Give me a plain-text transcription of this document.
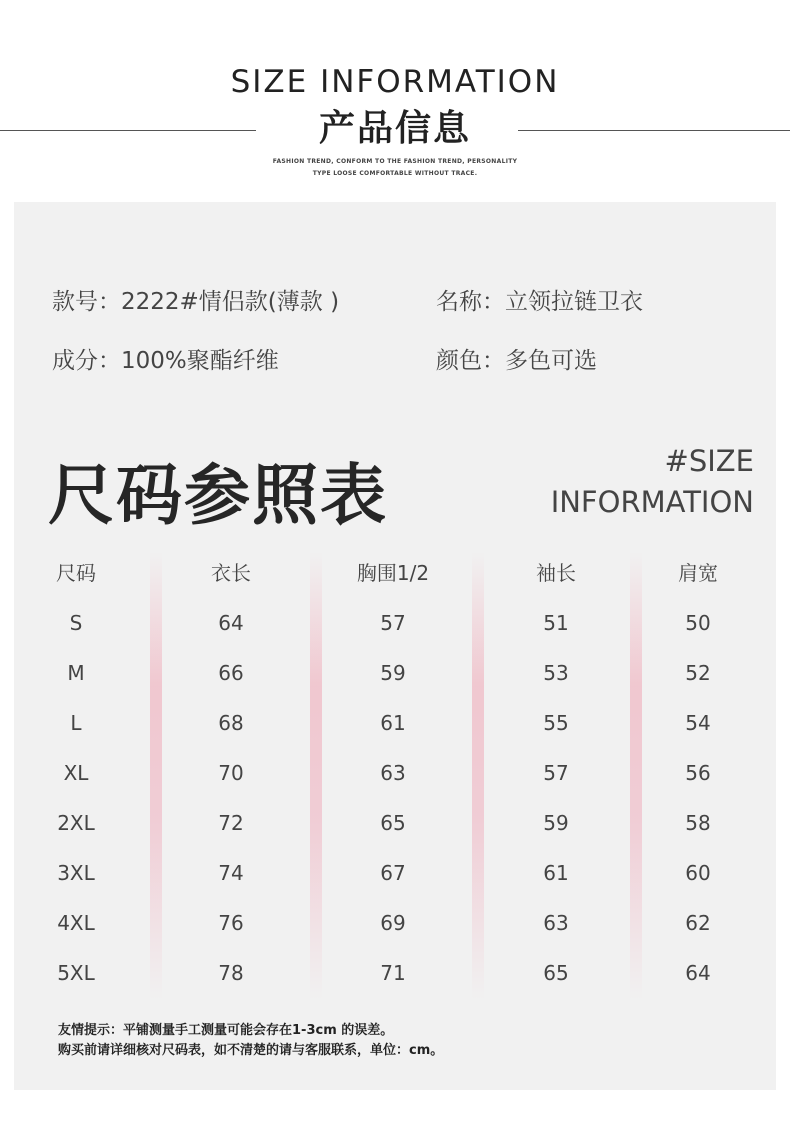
SIZE INFORMATION
产品信息
FASHION TREND, CONFORM TO THE FASHION TREND, PERSONALITY
TYPE LOOSE COMFORTABLE WITHOUT TRACE.
款号：2222#情侣款(薄款 )	名称：立领拉链卫衣
成分：100%聚酯纤维	颜色：多色可选
尺码参照表	#SIZE
INFORMATION
尺码	衣长	胸围1/2	袖长	肩宽
S	64	57	51	50
M	66	59	53	52
L	68	61	55	54
XL	70	63	57	56
2XL	72	65	59	58
3XL	74	67	61	60
4XL	76	69	63	62
5XL	78	71	65	64
友情提示：平铺测量手工测量可能会存在1-3cm 的误差。
购买前请详细核对尺码表，如不清楚的请与客服联系，单位：cm。
